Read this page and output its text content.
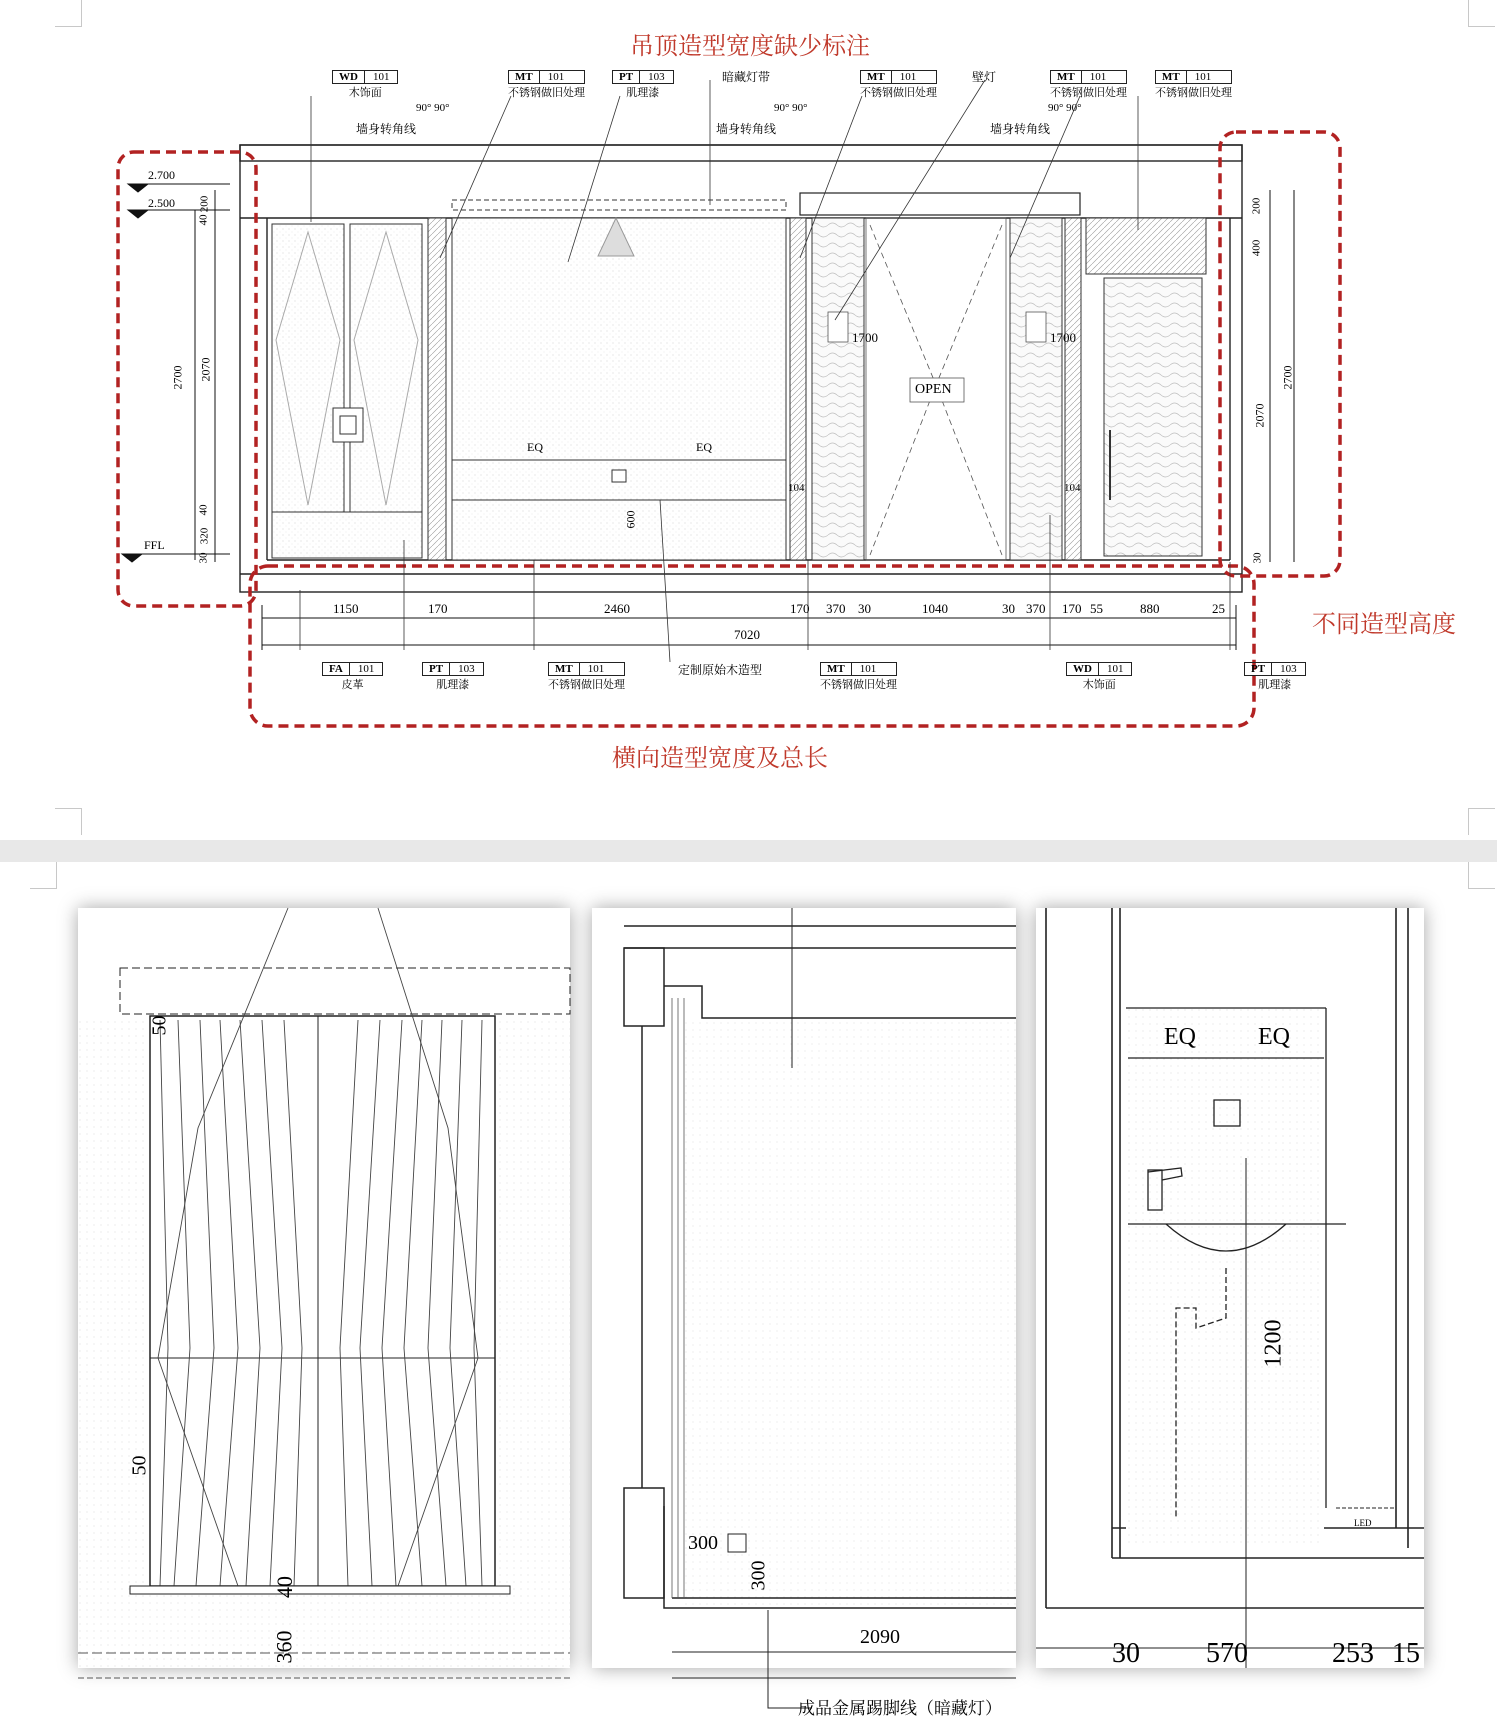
吊顶造型宽度缺少标注
不同造型高度
横向造型宽度及总长
WD	101
木饰面
MT	101
不锈钢做旧处理
PT	103
肌理漆
MT	101
不锈钢做旧处理
MT	101
不锈钢做旧处理
MT	101
不锈钢做旧处理
暗藏灯带	壁灯
90° 90°	90° 90°	90° 90°
墙身转角线	墙身转角线	墙身转角线
OPEN
EQ	EQ
1700	1700
104	104
600
2.700
2.500
FFL
200
40
2070
2700
40
320
30
200
400
2700
2070
30
1150	170	2460	170 370 30	1040	30 370 170 55	880	25
7020
FA	101
皮革
PT	103
肌理漆
MT	101
不锈钢做旧处理
定制原始木造型	MT	101
不锈钢做旧处理
WD	101
木饰面
PT	103
肌理漆
50
50
40
360
300
300
2090
成品金属踢脚线（暗藏灯）
EQ	EQ
1200
LED
30 570	253 15
